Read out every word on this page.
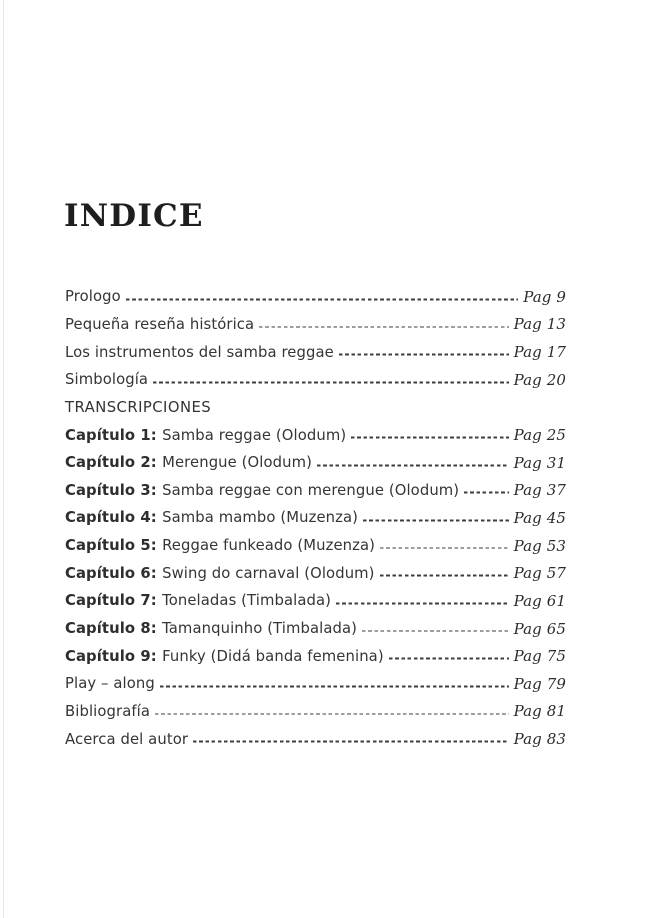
INDICE
Prologo	Pag 9
Pequeña reseña histórica	Pag 13
Los instrumentos del samba reggae	Pag 17
Simbología	Pag 20
TRANSCRIPCIONES
Capítulo 1: Samba reggae (Olodum)	Pag 25
Capítulo 2: Merengue (Olodum)	Pag 31
Capítulo 3: Samba reggae con merengue (Olodum)	Pag 37
Capítulo 4: Samba mambo (Muzenza)	Pag 45
Capítulo 5: Reggae funkeado (Muzenza)	Pag 53
Capítulo 6: Swing do carnaval (Olodum)	Pag 57
Capítulo 7: Toneladas (Timbalada)	Pag 61
Capítulo 8: Tamanquinho (Timbalada)	Pag 65
Capítulo 9: Funky (Didá banda femenina)	Pag 75
Play – along	Pag 79
Bibliografía	Pag 81
Acerca del autor	Pag 83
